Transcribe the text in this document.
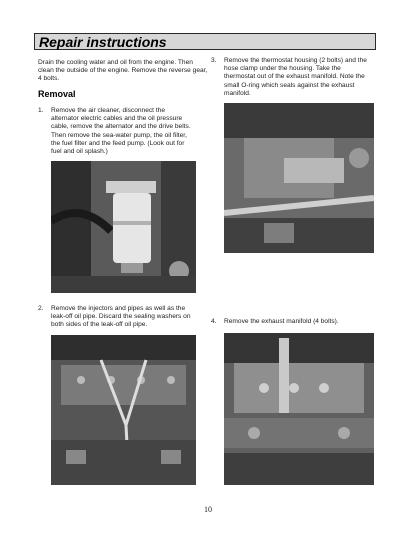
Repair instructions

Drain the cooling water and oil from the engine. Then clean the outside of the engine. Remove the reverse gear, 4 bolts.

Removal
1. Remove the air cleaner, disconnect the
alternator electric cables and the oil pressure
cable, remove the alternator and the drive belts.
Then remove the sea-water pump, the oil filter,
the fuel filter and the feed pump. (Look out for
fuel and oil splash.)
2. Remove the injectors and pipes as well as the
leak-off oil pipe. Discard the sealing washers on
both sides of the leak-off oil pipe.
3. Remove the thermostat housing (2 bolts) and the
hose clamp under the housing. Take the
thermostat out of the exhaust manifold. Note the
small O-ring which seals against the exhaust
manifold.
4. Remove the exhaust manifold (4 bolts).
10
